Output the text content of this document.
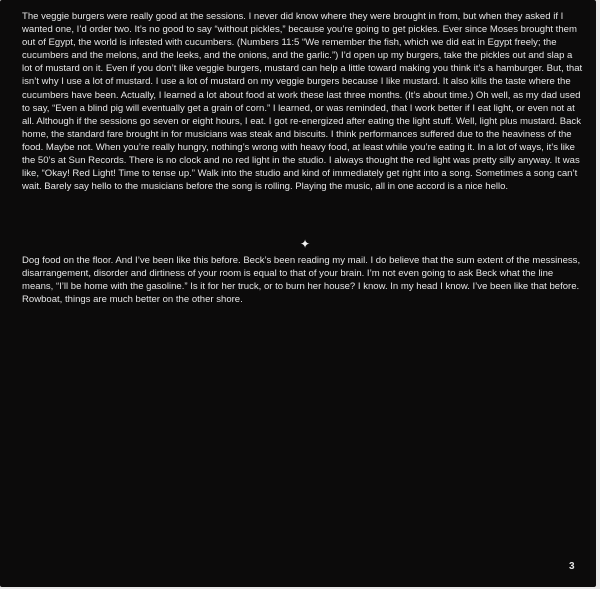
The veggie burgers were really good at the sessions. I never did know where they were brought in from, but when they asked if I wanted one, I’d order two. It’s no good to say “without pickles,” because you’re going to get pickles. Ever since Moses brought them out of Egypt, the world is infested with cucumbers. (Numbers 11:5 “We remember the fish, which we did eat in Egypt freely; the cucumbers and the melons, and the leeks, and the onions, and the garlic.”) I’d open up my burgers, take the pickles out and slap a lot of mustard on it. Even if you don’t like veggie burgers, mustard can help a little toward making you think it’s a hamburger. But, that isn’t why I use a lot of mustard. I use a lot of mustard on my veggie burgers because I like mustard. It also kills the taste where the cucumbers have been. Actually, I learned a lot about food at work these last three months. (It’s about time.) Oh well, as my dad used to say, “Even a blind pig will eventually get a grain of corn.” I learned, or was reminded, that I work better if I eat light, or even not at all. Although if the sessions go seven or eight hours, I eat. I got re-energized after eating the light stuff. Well, light plus mustard. Back home, the standard fare brought in for musicians was steak and biscuits. I think performances suffered due to the heaviness of the food. Maybe not. When you’re really hungry, nothing’s wrong with heavy food, at least while you’re eating it. In a lot of ways, it’s like the 50’s at Sun Records. There is no clock and no red light in the studio. I always thought the red light was pretty silly anyway. It was like, “Okay! Red Light! Time to tense up.” Walk into the studio and kind of immediately get right into a song. Sometimes a song can’t wait. Barely say hello to the musicians before the song is rolling. Playing the music, all in one accord is a nice hello.

✦

Dog food on the floor. And I’ve been like this before. Beck’s been reading my mail. I do believe that the sum extent of the messiness, disarrangement, disorder and dirtiness of your room is equal to that of your brain. I’m not even going to ask Beck what the line means, “I’ll be home with the gasoline.” Is it for her truck, or to burn her house? I know. In my head I know. I’ve been like that before. Rowboat, things are much better on the other shore.

3
